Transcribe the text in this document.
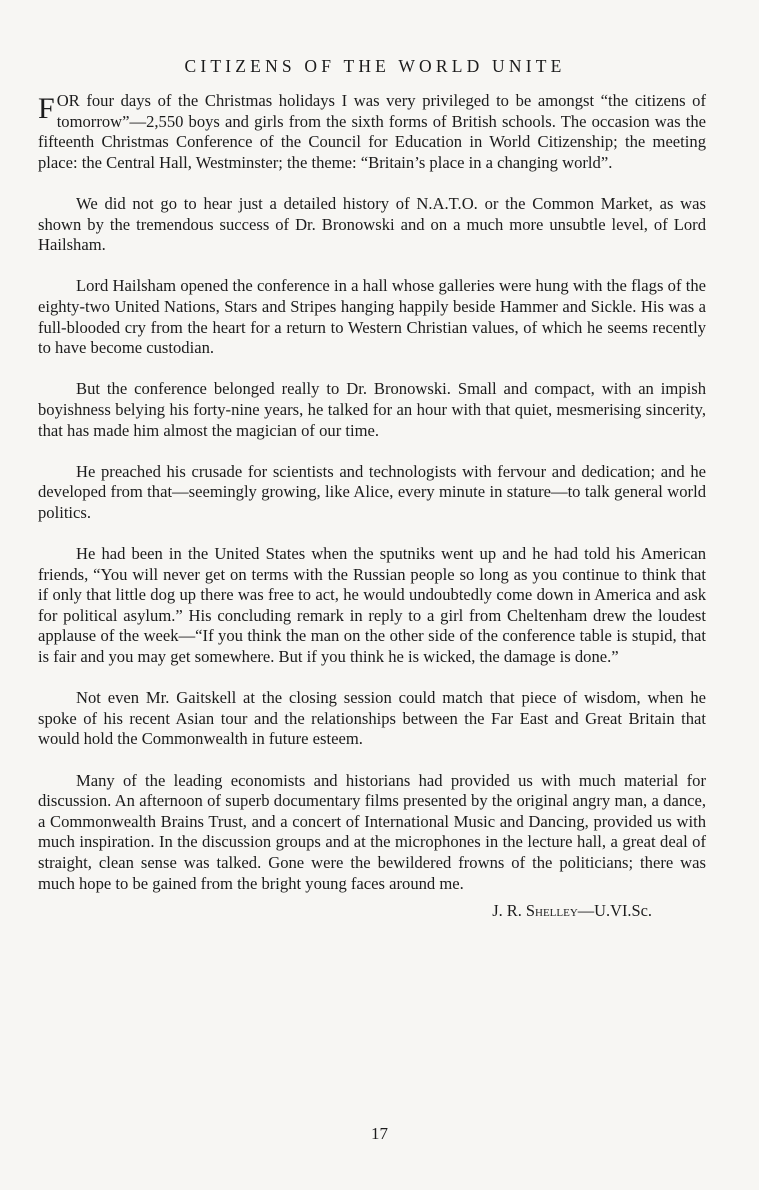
CITIZENS OF THE WORLD UNITE

FOR four days of the Christmas holidays I was very privileged to be amongst “the citizens of tomorrow”—2,550 boys and girls from the sixth forms of British schools. The occasion was the fifteenth Christmas Conference of the Council for Education in World Citizenship; the meeting place: the Central Hall, Westminster; the theme: “Britain’s place in a changing world”.

We did not go to hear just a detailed history of N.A.T.O. or the Common Market, as was shown by the tremendous success of Dr. Bronowski and on a much more unsubtle level, of Lord Hailsham.

Lord Hailsham opened the conference in a hall whose galleries were hung with the flags of the eighty-two United Nations, Stars and Stripes hanging happily beside Hammer and Sickle. His was a full-blooded cry from the heart for a return to Western Christian values, of which he seems recently to have become custodian.

But the conference belonged really to Dr. Bronowski. Small and compact, with an impish boyishness belying his forty-nine years, he talked for an hour with that quiet, mesmerising sincerity, that has made him almost the magician of our time.

He preached his crusade for scientists and technologists with fervour and dedication; and he developed from that—seemingly growing, like Alice, every minute in stature—to talk general world politics.

He had been in the United States when the sputniks went up and he had told his American friends, “You will never get on terms with the Russian people so long as you continue to think that if only that little dog up there was free to act, he would undoubtedly come down in America and ask for political asylum.” His concluding remark in reply to a girl from Cheltenham drew the loudest applause of the week—“If you think the man on the other side of the conference table is stupid, that is fair and you may get somewhere. But if you think he is wicked, the damage is done.”

Not even Mr. Gaitskell at the closing session could match that piece of wisdom, when he spoke of his recent Asian tour and the relationships between the Far East and Great Britain that would hold the Commonwealth in future esteem.

Many of the leading economists and historians had provided us with much material for discussion. An afternoon of superb documentary films presented by the original angry man, a dance, a Commonwealth Brains Trust, and a concert of International Music and Dancing, provided us with much inspiration. In the discussion groups and at the microphones in the lecture hall, a great deal of straight, clean sense was talked. Gone were the bewildered frowns of the politicians; there was much hope to be gained from the bright young faces around me.

J. R. Shelley—U.VI.Sc.
17
